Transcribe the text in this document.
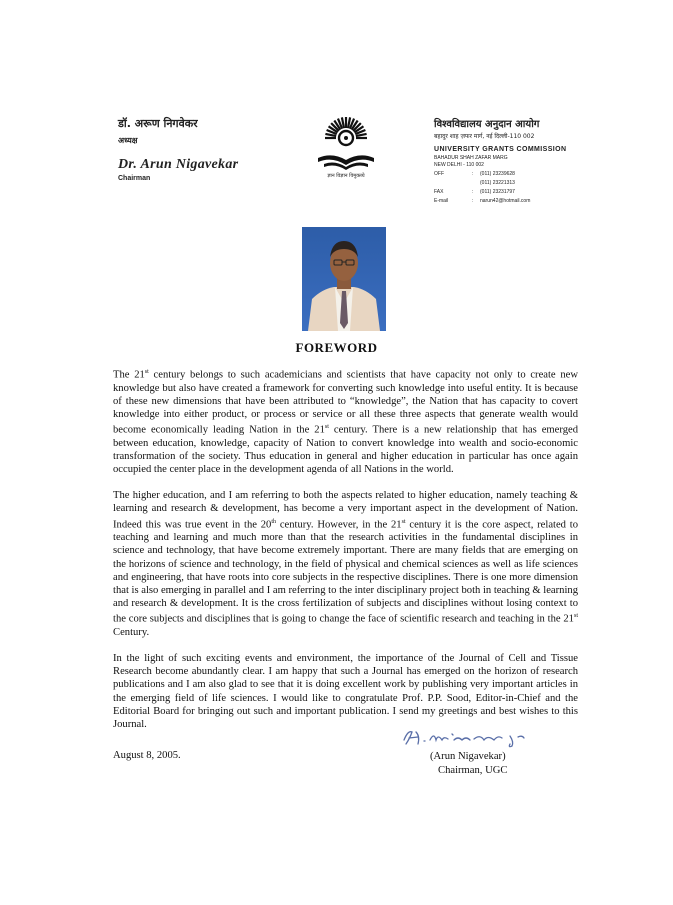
डॉ. अरूण निगवेकर
अध्यक्ष
Dr. Arun Nigavekar
Chairman	ज्ञान विज्ञान विमुक्तये
विश्वविद्यालय अनुदान आयोग
बहादुर शाह ज़फर मार्ग, नई दिल्ली-110 002
UNIVERSITY GRANTS COMMISSION
BAHADUR SHAH ZAFAR MARG
NEW DELHI - 110 002
OFF	:	(011) 23239628
(011) 23221313
FAX	:	(011) 23231797
E-mail	:	narun42@hotmail.com
FOREWORD

The 21st century belongs to such academicians and scientists that have capacity not only to create new knowledge but also have created a framework for converting such knowledge into useful entity. It is because of these new dimensions that have been attributed to “knowledge”, the Nation that has capacity to covert knowledge into either product, or process or service or all these three aspects that generate wealth would become economically leading Nation in the 21st century. There is a new relationship that has emerged between education, knowledge, capacity of Nation to convert knowledge into wealth and socio-economic transformation of the society. Thus education in general and higher education in particular has once again occupied the center place in the development agenda of all Nations in the world.

The higher education, and I am referring to both the aspects related to higher education, namely teaching & learning and research & development, has become a very important aspect in the development of Nation. Indeed this was true event in the 20th century. However, in the 21st century it is the core aspect, related to teaching and learning and much more than that the research activities in the fundamental disciplines in science and technology, that have become extremely important. There are many fields that are emerging on the horizons of science and technology, in the field of physical and chemical sciences as well as life sciences and engineering, that have roots into core subjects in the respective disciplines. There is one more dimension that is also emerging in parallel and I am referring to the inter disciplinary project both in teaching & learning and research & development. It is the cross fertilization of subjects and disciplines without losing context to the core subjects and disciplines that is going to change the face of scientific research and teaching in the 21st Century.

In the light of such exciting events and environment, the importance of the Journal of Cell and Tissue Research become abundantly clear. I am happy that such a Journal has emerged on the horizon of research publications and I am also glad to see that it is doing excellent work by publishing very important articles in the emerging field of life sciences. I would like to congratulate Prof. P.P. Sood, Editor-in-Chief and the Editorial Board for bringing out such and important publication. I send my greetings and best wishes to this Journal.

August 8, 2005.	(Arun Nigavekar)
Chairman, UGC
